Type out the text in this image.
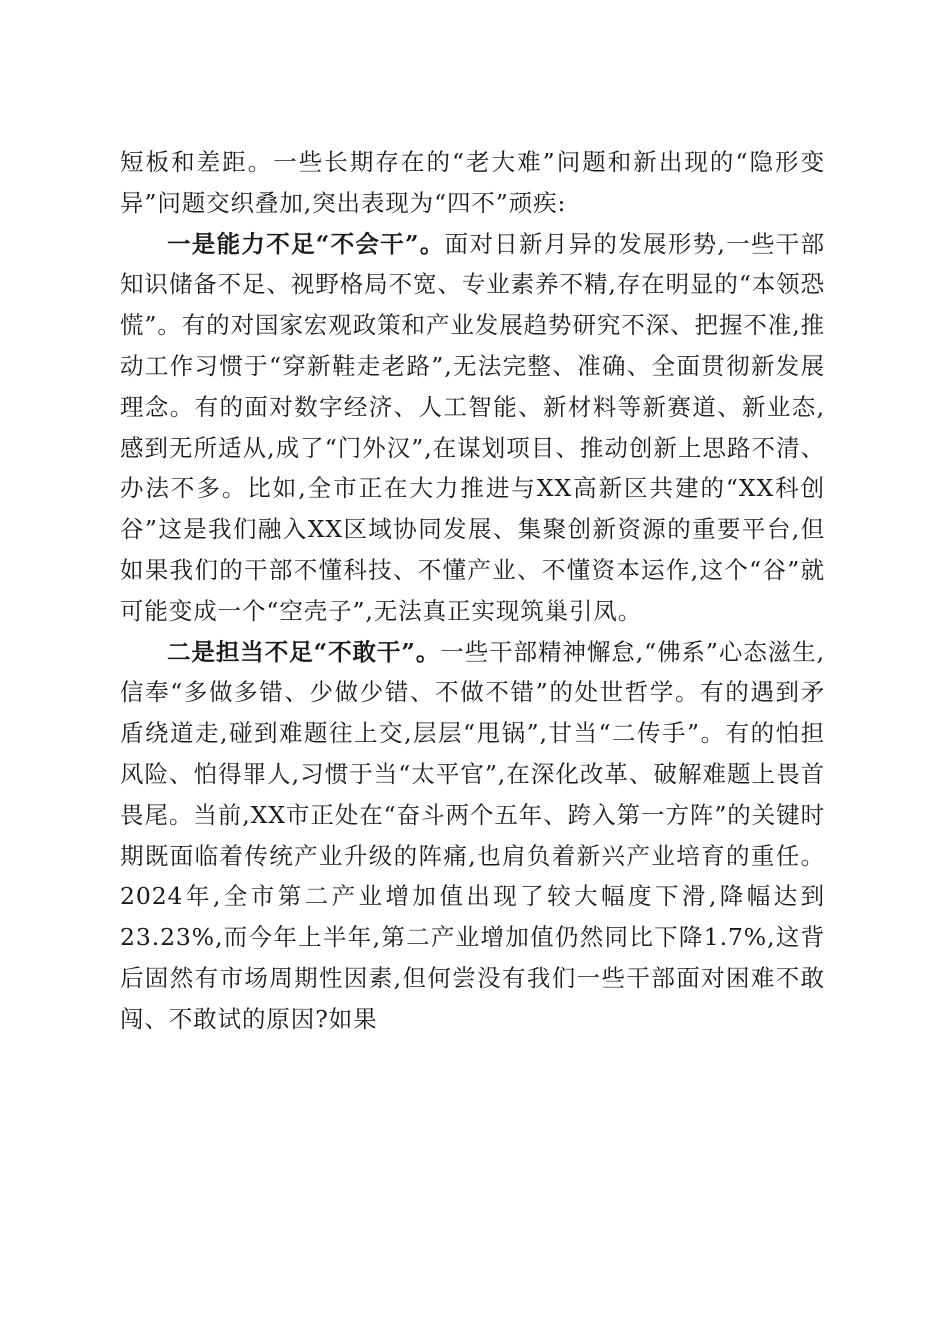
短板和差距。一些长期存在的“老大难”问题和新出现的“隐形变异”问题交织叠加,突出表现为“四不”顽疾:

一是能力不足“不会干”。面对日新月异的发展形势,一些干部知识储备不足、视野格局不宽、专业素养不精,存在明显的“本领恐慌”。有的对国家宏观政策和产业发展趋势研究不深、把握不准,推动工作习惯于“穿新鞋走老路”,无法完整、准确、全面贯彻新发展理念。有的面对数字经济、人工智能、新材料等新赛道、新业态,感到无所适从,成了“门外汉”,在谋划项目、推动创新上思路不清、办法不多。比如,全市正在大力推进与XX高新区共建的“XX科创谷”这是我们融入XX区域协同发展、集聚创新资源的重要平台,但如果我们的干部不懂科技、不懂产业、不懂资本运作,这个“谷”就可能变成一个“空壳子”,无法真正实现筑巢引凤。

二是担当不足“不敢干”。一些干部精神懈怠,“佛系”心态滋生,信奉“多做多错、少做少错、不做不错”的处世哲学。有的遇到矛盾绕道走,碰到难题往上交,层层“甩锅”,甘当“二传手”。有的怕担风险、怕得罪人,习惯于当“太平官”,在深化改革、破解难题上畏首畏尾。当前,XX市正处在“奋斗两个五年、跨入第一方阵”的关键时期既面临着传统产业升级的阵痛,也肩负着新兴产业培育的重任。2024年,全市第二产业增加值出现了较大幅度下滑,降幅达到23.23%,而今年上半年,第二产业增加值仍然同比下降1.7%,这背后固然有市场周期性因素,但何尝没有我们一些干部面对困难不敢闯、不敢试的原因?如果
